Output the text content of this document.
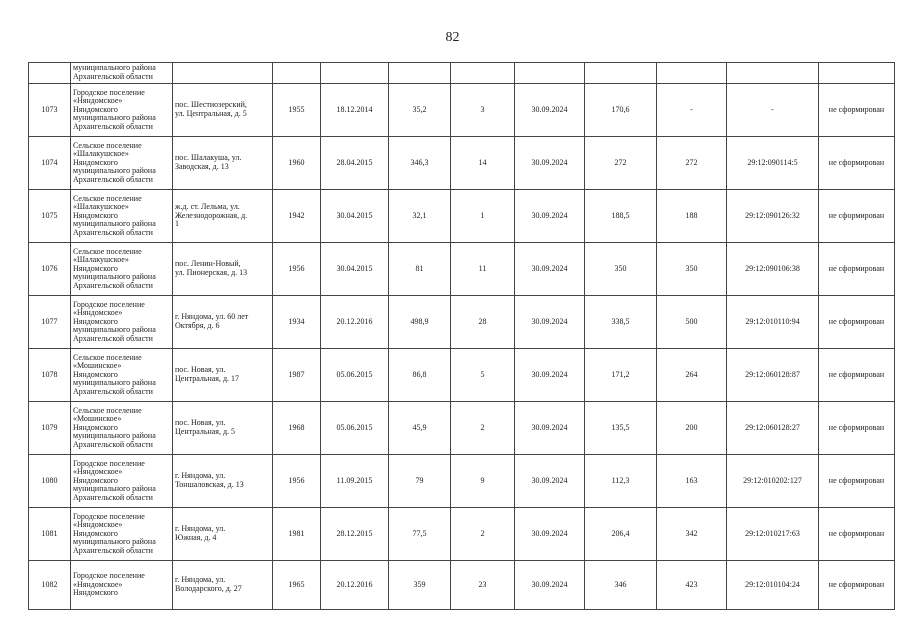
82
	муниципального района
Архангельской области										
1073	Городское поселение
«Няндомское»
Няндомского
муниципального района
Архангельской области	пос. Шестиозерский,
ул. Центральная, д. 5	1955	18.12.2014	35,2	3	30.09.2024	170,6	-	-	не сформирован
1074	Сельское поселение
«Шалакушское»
Няндомского
муниципального района
Архангельской области	пос. Шалакуша, ул.
Заводская, д. 13	1960	28.04.2015	346,3	14	30.09.2024	272	272	29:12:090114:5	не сформирован
1075	Сельское поселение
«Шалакушское»
Няндомского
муниципального района
Архангельской области	ж.д. ст. Лельма, ул.
Железнодорожная, д.
1	1942	30.04.2015	32,1	1	30.09.2024	188,5	188	29:12:090126:32	не сформирован
1076	Сельское поселение
«Шалакушское»
Няндомского
муниципального района
Архангельской области	пос. Ленин-Новый,
ул. Пионерская, д. 13	1956	30.04.2015	81	11	30.09.2024	350	350	29:12:090106:38	не сформирован
1077	Городское поселение
«Няндомское»
Няндомского
муниципального района
Архангельской области	г. Няндома, ул. 60 лет
Октября, д. 6	1934	20.12.2016	498,9	28	30.09.2024	338,5	500	29:12:010110:94	не сформирован
1078	Сельское поселение
«Мошинское»
Няндомского
муниципального района
Архангельской области	пос. Новая, ул.
Центральная, д. 17	1987	05.06.2015	86,8	5	30.09.2024	171,2	264	29:12:060128:87	не сформирован
1079	Сельское поселение
«Мошинское»
Няндомского
муниципального района
Архангельской области	пос. Новая, ул.
Центральная, д. 5	1968	05.06.2015	45,9	2	30.09.2024	135,5	200	29:12:060128:27	не сформирован
1080	Городское поселение
«Няндомское»
Няндомского
муниципального района
Архангельской области	г. Няндома, ул.
Тоншаловская, д. 13	1956	11.09.2015	79	9	30.09.2024	112,3	163	29:12:010202:127	не сформирован
1081	Городское поселение
«Няндомское»
Няндомского
муниципального района
Архангельской области	г. Няндома, ул.
Южная, д. 4	1981	28.12.2015	77,5	2	30.09.2024	206,4	342	29:12:010217:63	не сформирован
1082	Городское поселение
«Няндомское»
Няндомского	г. Няндома, ул.
Володарского, д. 27	1965	20.12.2016	359	23	30.09.2024	346	423	29:12:010104:24	не сформирован
